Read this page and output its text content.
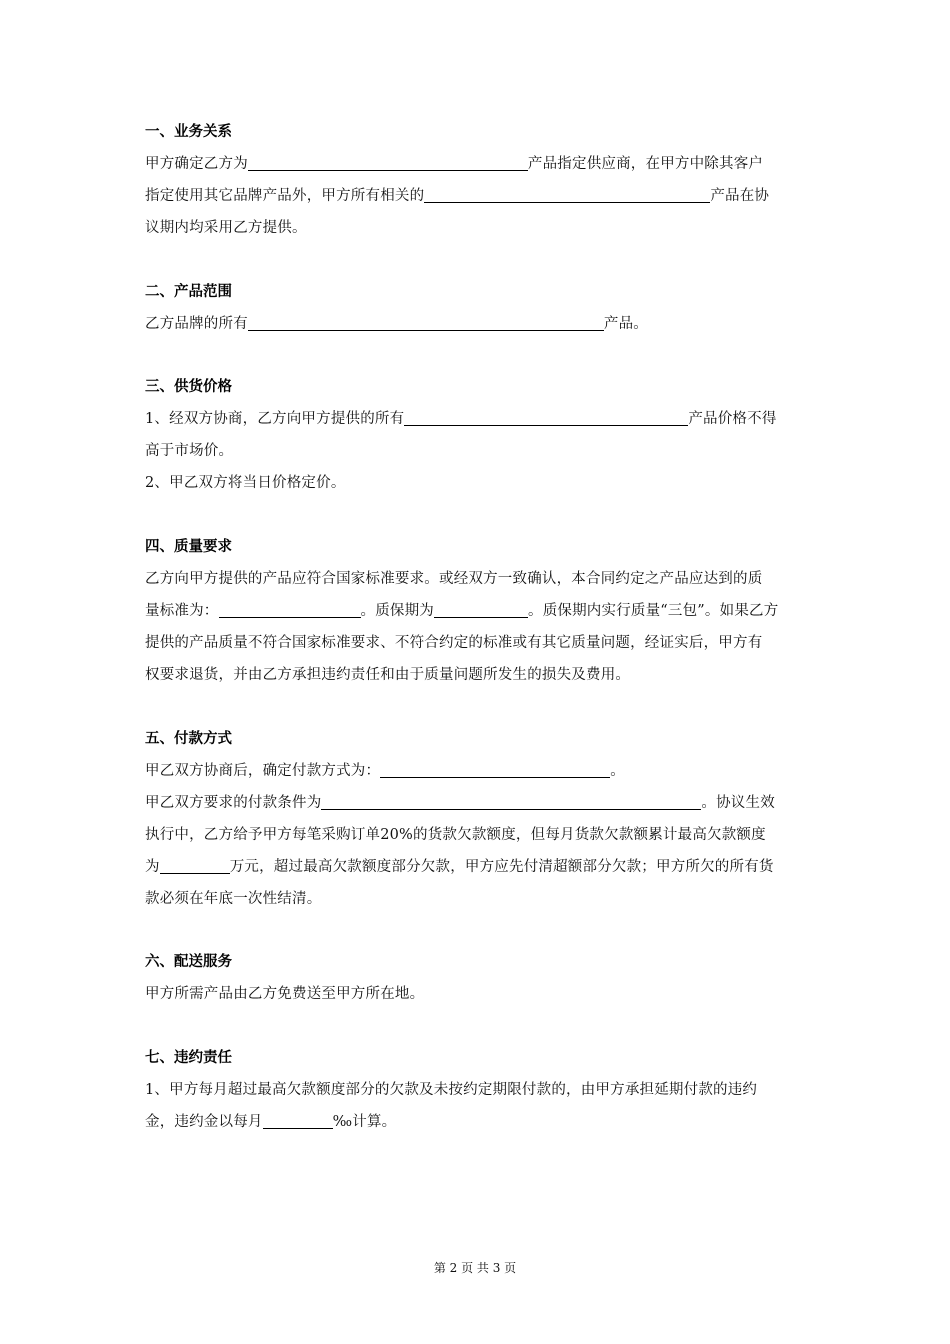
一、业务关系

甲方确定乙方为	产品指定供应商，在甲方中除其客户

指定使用其它品牌产品外，甲方所有相关的	产品在协

议期内均采用乙方提供。

二、产品范围

乙方品牌的所有	产品。

三、供货价格

1、经双方协商，乙方向甲方提供的所有	产品价格不得

高于市场价。

2、甲乙双方将当日价格定价。

四、质量要求

乙方向甲方提供的产品应符合国家标准要求。或经双方一致确认，本合同约定之产品应达到的质

量标准为：	。质保期为	。质保期内实行质量“三包”。如果乙方

提供的产品质量不符合国家标准要求、不符合约定的标准或有其它质量问题，经证实后，甲方有

权要求退货，并由乙方承担违约责任和由于质量问题所发生的损失及费用。

五、付款方式

甲乙双方协商后，确定付款方式为：	。

甲乙双方要求的付款条件为	。协议生效

执行中，乙方给予甲方每笔采购订单20%的货款欠款额度，但每月货款欠款额累计最高欠款额度

为	万元，超过最高欠款额度部分欠款，甲方应先付清超额部分欠款；甲方所欠的所有货

款必须在年底一次性结清。

六、配送服务

甲方所需产品由乙方免费送至甲方所在地。

七、违约责任

1、甲方每月超过最高欠款额度部分的欠款及未按约定期限付款的，由甲方承担延期付款的违约

金，违约金以每月	‰计算。

第 2 页 共 3 页
